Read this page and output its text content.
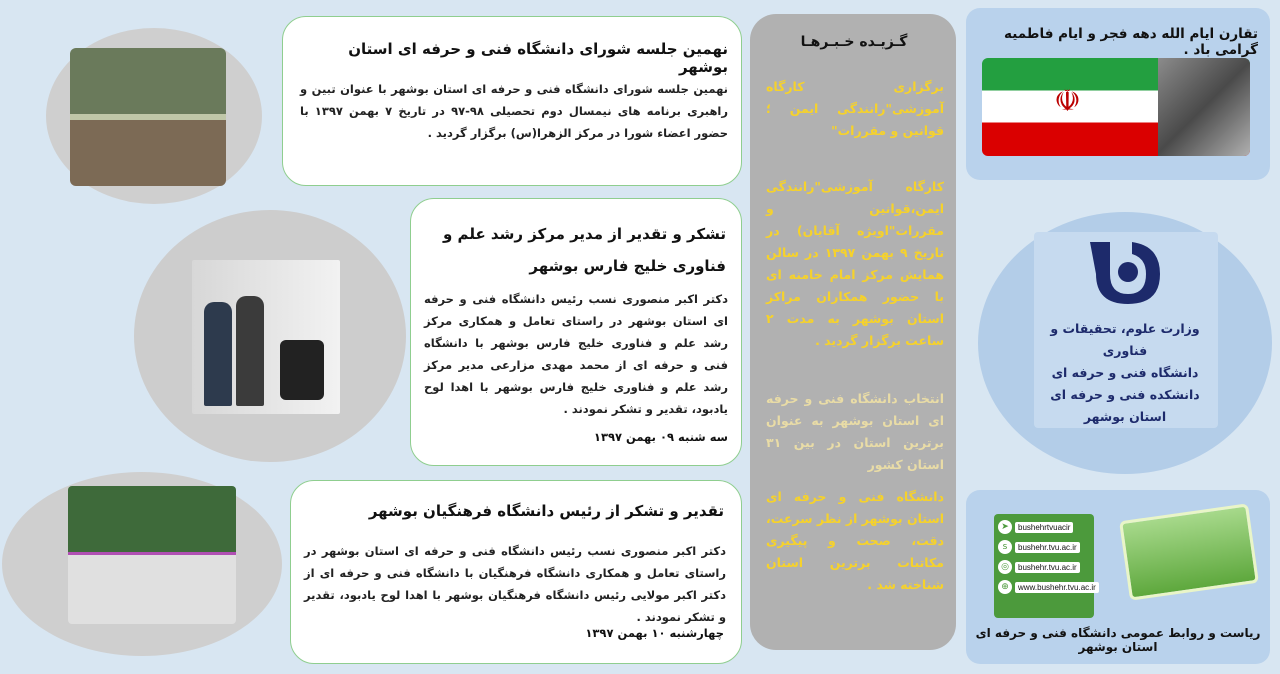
تقارن ایام الله دهه فجر و ایام فاطمیه گرامی باد .
☫
وزارت علوم، تحقیقات و فناوری
دانشگاه فنی و حرفه ای
دانشکده فنی و حرفه ای استان بوشهر
➤	bushehrtvuacir
s	bushehr.tvu.ac.ir
◎	bushehr.tvu.ac.ir
⊕	www.bushehr.tvu.ac.ir
ریاست و روابط عمومی دانشگاه فنی و حرفه ای استان بوشهر
گـزیـده خـبـرهـا
برگزاری کارگاه آموزشی"رانندگی ایمن ؛ قوانین و مقررات"
کارگاه آموزشی"رانندگی ایمن،قوانین و مقررات"اویژه آقایان) در تاریخ ۹ بهمن ۱۳۹۷ در سالن همایش مرکز امام خامنه ای با حضور همکاران مراکز استان بوشهر به مدت ۲ ساعت برگزار گردید .
انتخاب دانشگاه فنی و حرفه ای استان بوشهر به عنوان برترین استان در بین ۳۱ استان کشور
دانشگاه فنی و حرفه ای استان بوشهر از نظر سرعت، دقت، صحت و پیگیری مکاتبات برترین استان شناخته شد .
نهمین جلسه شورای دانشگاه فنی و حرفه ای استان بوشهر
نهمین جلسه شورای دانشگاه فنی و حرفه ای استان بوشهر با عنوان تبین و راهبری برنامه های نیمسال دوم تحصیلی ۹۸-۹۷ در تاریخ ۷ بهمن ۱۳۹۷ با حضور اعضاء شورا در مرکز الزهرا(س) برگزار گردید .
تشکر و تقدیر از مدیر مرکز رشد علم و فناوری خلیج فارس بوشهر
دکتر اکبر منصوری نسب رئیس دانشگاه فنی و حرفه ای استان بوشهر در راستای تعامل و همکاری مرکز رشد علم و فناوری خلیج فارس بوشهر با دانشگاه فنی و حرفه ای از محمد مهدی مزارعی مدیر مرکز رشد علم و فناوری خلیج فارس بوشهر با اهدا لوح یادبود، تقدیر و تشکر نمودند .
سه شنبه ۰۹ بهمن ۱۳۹۷
تقدیر و تشکر از رئیس دانشگاه فرهنگیان بوشهر
دکتر اکبر منصوری نسب رئیس دانشگاه فنی و حرفه ای استان بوشهر در راستای تعامل و همکاری دانشگاه فرهنگیان با دانشگاه فنی و حرفه ای از دکتر اکبر مولایی رئیس دانشگاه فرهنگیان بوشهر با اهدا لوح یادبود، تقدیر و تشکر نمودند .
چهارشنبه ۱۰ بهمن ۱۳۹۷
